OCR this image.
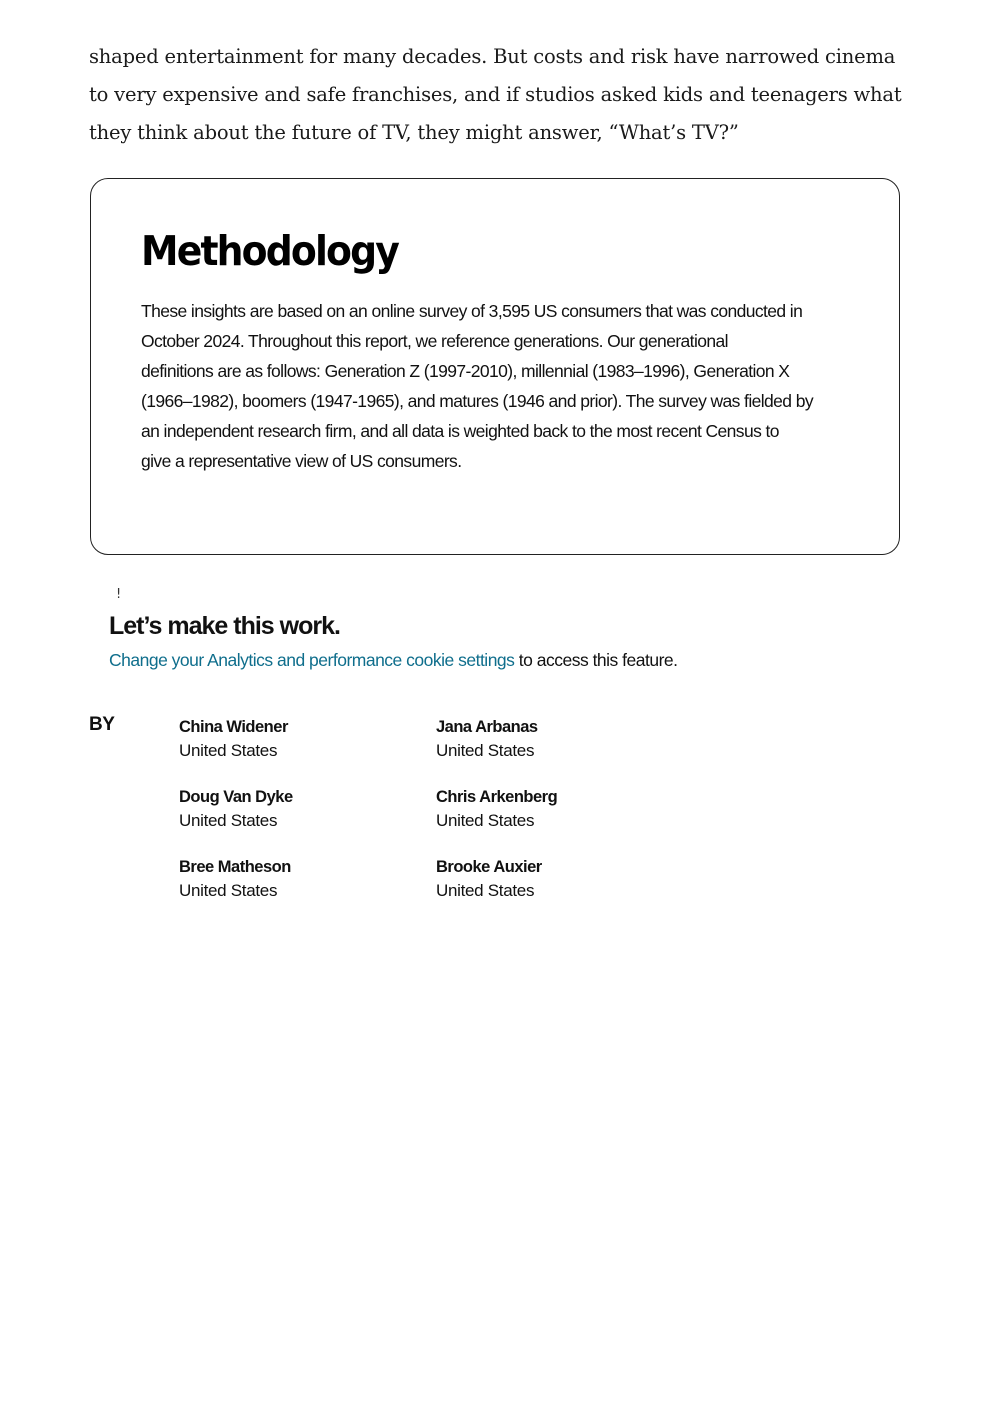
shaped entertainment for many decades. But costs and risk have narrowed cinema
to very expensive and safe franchises, and if studios asked kids and teenagers what
they think about the future of TV, they might answer, “What’s TV?”
Methodology

These insights are based on an online survey of 3,595 US consumers that was conducted in
October 2024. Throughout this report, we reference generations. Our generational
definitions are as follows: Generation Z (1997-2010), millennial (1983–1996), Generation X
(1966–1982), boomers (1947-1965), and matures (1946 and prior). The survey was fielded by
an independent research firm, and all data is weighted back to the most recent Census to
give a representative view of US consumers.

!
Let’s make this work.
Change your Analytics and performance cookie settings to access this feature.
BY	China Widener
United States
Jana Arbanas
United States
Doug Van Dyke
United States
Chris Arkenberg
United States
Bree Matheson
United States
Brooke Auxier
United States
